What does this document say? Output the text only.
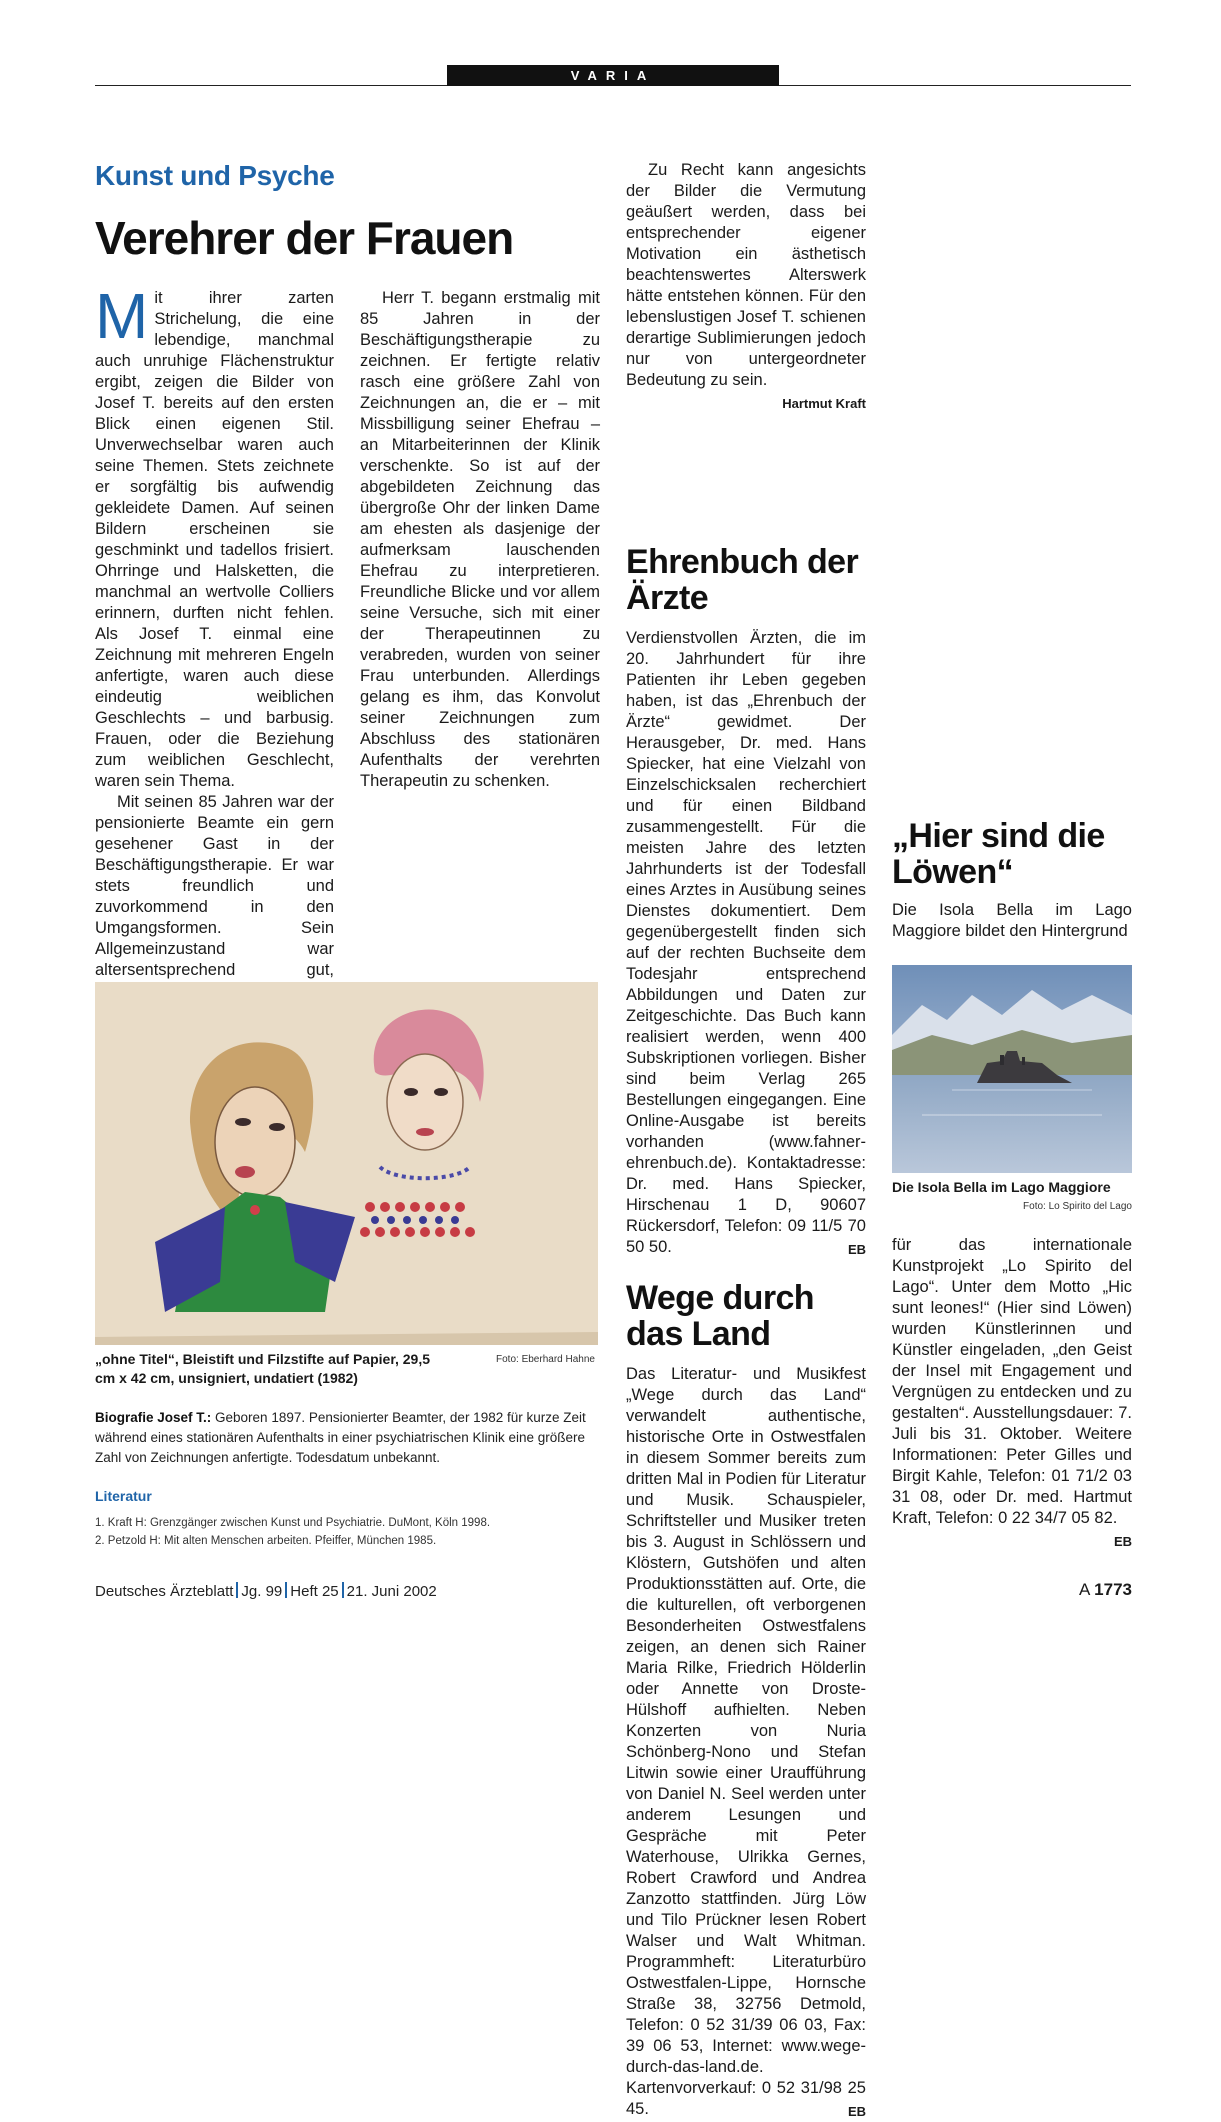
VARIA
Kunst und Psyche
Verehrer der Frauen

Mit ihrer zarten Strichelung, die eine lebendige, manchmal auch unruhige Flächenstruktur ergibt, zeigen die Bilder von Josef T. bereits auf den ersten Blick einen eigenen Stil. Unverwechselbar waren auch seine Themen. Stets zeichnete er sorgfältig bis aufwendig gekleidete Damen. Auf seinen Bildern erscheinen sie geschminkt und tadellos frisiert. Ohrringe und Halsketten, die manchmal an wertvolle Colliers erinnern, durften nicht fehlen. Als Josef T. einmal eine Zeichnung mit mehreren Engeln anfertigte, waren auch diese eindeutig weiblichen Geschlechts – und barbusig. Frauen, oder die Beziehung zum weiblichen Geschlecht, waren sein Thema.

Mit seinen 85 Jahren war der pensionierte Beamte ein gern gesehener Gast in der Beschäftigungstherapie. Er war stets freundlich und zuvorkommend in den Umgangsformen. Sein Allgemeinzustand war altersentsprechend gut,

Herr T. begann erstmalig mit 85 Jahren in der Beschäftigungstherapie zu zeichnen. Er fertigte relativ rasch eine größere Zahl von Zeichnungen an, die er – mit Missbilligung seiner Ehefrau – an Mitarbeiterinnen der Klinik verschenkte. So ist auf der abgebildeten Zeichnung das übergroße Ohr der linken Dame am ehesten als dasjenige der aufmerksam lauschenden Ehefrau zu interpretieren. Freundliche Blicke und vor allem seine Versuche, sich mit einer der Therapeutinnen zu verabreden, wurden von seiner Frau unterbunden. Allerdings gelang es ihm, das Konvolut seiner Zeichnungen zum Abschluss des stationären Aufenthalts der verehrten Therapeutin zu schenken.

Zu Recht kann angesichts der Bilder die Vermutung geäußert werden, dass bei entsprechender eigener Motivation ein ästhetisch beachtenswertes Alterswerk hätte entstehen können. Für den lebenslustigen Josef T. schienen derartige Sublimierungen jedoch nur von untergeordneter Bedeutung zu sein.
Hartmut Kraft

Ehrenbuch der Ärzte

Verdienstvollen Ärzten, die im 20. Jahrhundert für ihre Patienten ihr Leben gegeben haben, ist das „Ehrenbuch der Ärzte“ gewidmet. Der Herausgeber, Dr. med. Hans Spiecker, hat eine Vielzahl von Einzelschicksalen recherchiert und für einen Bildband zusammengestellt. Für die meisten Jahre des letzten Jahrhunderts ist der Todesfall eines Arztes in Ausübung seines Dienstes dokumentiert. Dem gegenübergestellt finden sich auf der rechten Buchseite dem Todesjahr entsprechend Abbildungen und Daten zur Zeitgeschichte. Das Buch kann realisiert werden, wenn 400 Subskriptionen vorliegen. Bisher sind beim Verlag 265 Bestellungen eingegangen. Eine Online-Ausgabe ist bereits vorhanden (www.fahner-ehrenbuch.de). Kontaktadresse: Dr. med. Hans Spiecker, Hirschenau 1 D, 90607 Rückersdorf, Telefon: 09 11/5 70 50 50.	EB

Wege durch das Land

Das Literatur- und Musikfest „Wege durch das Land“ verwandelt authentische, historische Orte in Ostwestfalen in diesem Sommer bereits zum dritten Mal in Podien für Literatur und Musik. Schauspieler, Schriftsteller und Musiker treten bis 3. August in Schlössern und Klöstern, Gutshöfen und alten Produktionsstätten auf. Orte, die die kulturellen, oft verborgenen Besonderheiten Ostwestfalens zeigen, an denen sich Rainer Maria Rilke, Friedrich Hölderlin oder Annette von Droste-Hülshoff aufhielten. Neben Konzerten von Nuria Schönberg-Nono und Stefan Litwin sowie einer Uraufführung von Daniel N. Seel werden unter anderem Lesungen und Gespräche mit Peter Waterhouse, Ulrikka Gernes, Robert Crawford und Andrea Zanzotto stattfinden. Jürg Löw und Tilo Prückner lesen Robert Walser und Walt Whitman. Programmheft: Literaturbüro Ostwestfalen-Lippe, Hornsche Straße 38, 32756 Detmold, Telefon: 0 52 31/39 06 03, Fax: 39 06 53, Internet: www.wege-durch-das-land.de. Kartenvorverkauf: 0 52 31/98 25 45.	EB

„Hier sind die Löwen“

Die Isola Bella im Lago Maggiore bildet den Hintergrund

Die Isola Bella im Lago Maggiore
Foto: Lo Spirito del Lago

für das internationale Kunstprojekt „Lo Spirito del Lago“. Unter dem Motto „Hic sunt leones!“ (Hier sind Löwen) wurden Künstlerinnen und Künstler eingeladen, „den Geist der Insel mit Engagement und Vergnügen zu entdecken und zu gestalten“. Ausstellungsdauer: 7. Juli bis 31. Oktober. Weitere Informationen: Peter Gilles und Birgit Kahle, Telefon: 01 71/2 03 31 08, oder Dr. med. Hartmut Kraft, Telefon: 0 22 34/7 05 82.
EB

„ohne Titel“, Bleistift und Filzstifte auf Papier, 29,5 cm x 42 cm, unsigniert, undatiert (1982)
Foto: Eberhard Hahne
Biografie Josef T.: Geboren 1897. Pensionierter Beamter, der 1982 für kurze Zeit während eines stationären Aufenthalts in einer psychiatrischen Klinik eine größere Zahl von Zeichnungen anfertigte. Todesdatum unbekannt.
Literatur
1. Kraft H: Grenzgänger zwischen Kunst und Psychiatrie. DuMont, Köln 1998.
2. Petzold H: Mit alten Menschen arbeiten. Pfeiffer, München 1985.
Deutsches Ärzteblatt Jg. 99 Heft 25 21. Juni 2002	A 1773
